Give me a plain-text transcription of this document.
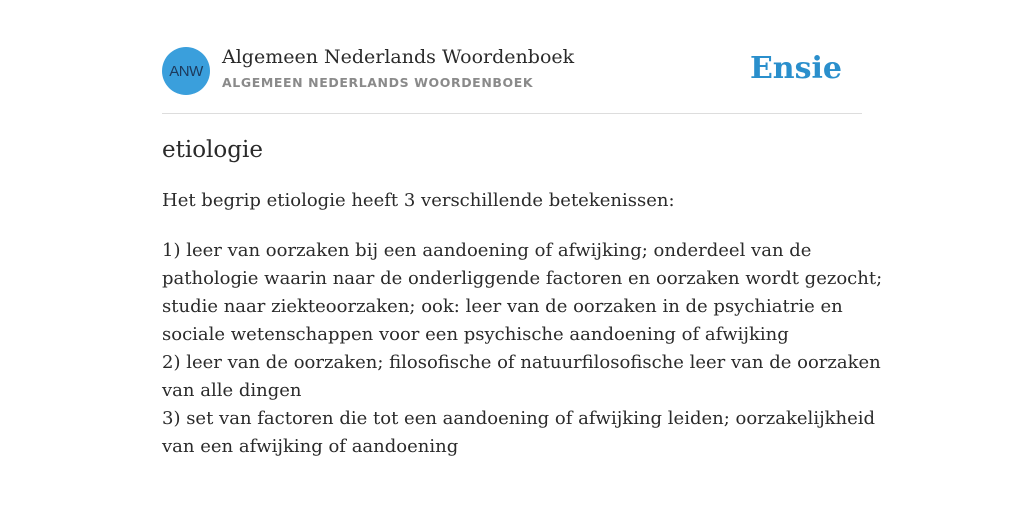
ANW
Algemeen Nederlands Woordenboek
ALGEMEEN NEDERLANDS WOORDENBOEK	Ensie
etiologie
Het begrip etiologie heeft 3 verschillende betekenissen:
1) leer van oorzaken bij een aandoening of afwijking; onderdeel van de
pathologie waarin naar de onderliggende factoren en oorzaken wordt gezocht;
studie naar ziekteoorzaken; ook: leer van de oorzaken in de psychiatrie en
sociale wetenschappen voor een psychische aandoening of afwijking
2) leer van de oorzaken; filosofische of natuurfilosofische leer van de oorzaken
van alle dingen
3) set van factoren die tot een aandoening of afwijking leiden; oorzakelijkheid
van een afwijking of aandoening
